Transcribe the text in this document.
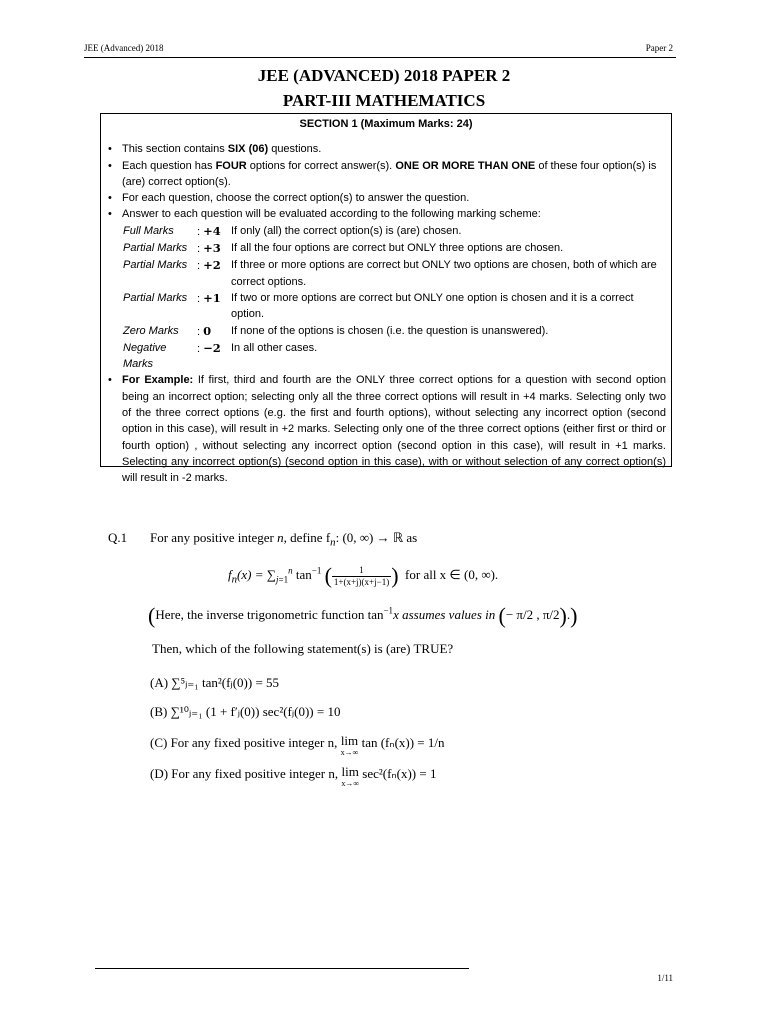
JEE (Advanced) 2018	Paper 2
JEE (ADVANCED) 2018 PAPER 2
PART-III MATHEMATICS
SECTION 1 (Maximum Marks: 24)
• This section contains SIX (06) questions.
• Each question has FOUR options for correct answer(s). ONE OR MORE THAN ONE of these four option(s) is (are) correct option(s).
• For each question, choose the correct option(s) to answer the question.
• Answer to each question will be evaluated according to the following marking scheme:
Full Marks	: +4	If only (all) the correct option(s) is (are) chosen.
Partial Marks	: +3	If all the four options are correct but ONLY three options are chosen.
Partial Marks	: +2	If three or more options are correct but ONLY two options are chosen, both of which are correct options.
Partial Marks	: +1	If two or more options are correct but ONLY one option is chosen and it is a correct option.
Zero Marks	: 0	If none of the options is chosen (i.e. the question is unanswered).
Negative Marks	: −2	In all other cases.
• For Example: If first, third and fourth are the ONLY three correct options for a question with second option being an incorrect option; selecting only all the three correct options will result in +4 marks. Selecting only two of the three correct options (e.g. the first and fourth options), without selecting any incorrect option (second option in this case), will result in +2 marks. Selecting only one of the three correct options (either first or third or fourth option) , without selecting any incorrect option (second option in this case), will result in +1 marks. Selecting any incorrect option(s) (second option in this case), with or without selection of any correct option(s) will result in -2 marks.
Q.1 For any positive integer n, define $f_n$: (0, ∞) → ℝ as
$f_n(x) = \sum_{j=1}^n$ $\tan^{-1}$ ( $\frac{1}{1+(x+j)(x+j-1)}$ ) for all x ∈ (0, ∞).
(Here, the inverse trigonometric function $\tan^{-1}x$ assumes values in (− π/2 , π/2).)
Then, which of the following statement(s) is (are) TRUE?
(A) ∑⁵ⱼ₌₁ tan²(fⱼ(0)) = 55
(B) ∑¹⁰ⱼ₌₁ (1 + f′ⱼ(0)) sec²(fⱼ(0)) = 10
(C) For any fixed positive integer n, lim
x→∞
tan (fₙ(x)) = 1/n
(D) For any fixed positive integer n, lim
x→∞
sec²(fₙ(x)) = 1
1/11
